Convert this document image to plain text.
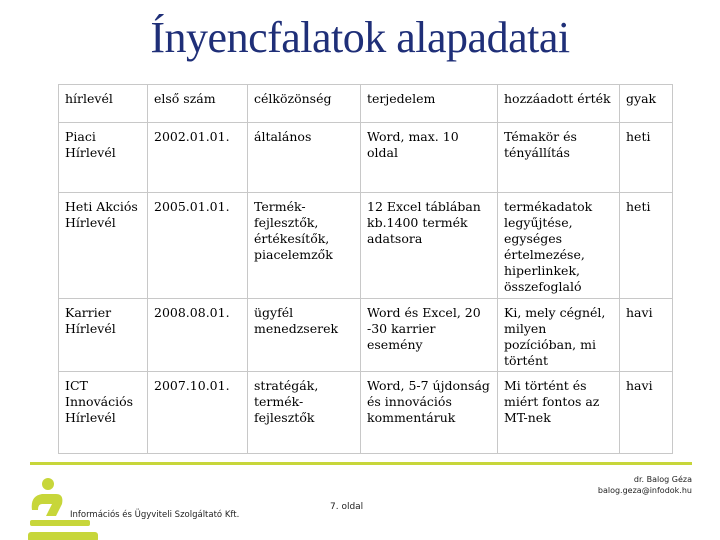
Ínyencfalatok alapadatai
hírlevél	első szám	célközönség	terjedelem	hozzáadott érték	gyak
Piaci Hírlevél	2002.01.01.	általános	Word, max. 10 oldal	Témakör és tényállítás	heti
Heti Akciós Hírlevél	2005.01.01.	Termék-fejlesztők, értékesítők, piacelemzők	12 Excel táblában kb.1400 termék adatsora	termékadatok legyűjtése, egységes értelmezése, hiperlinkek, összefoglaló	heti
Karrier Hírlevél	2008.08.01.	ügyfél menedzserek	Word és Excel, 20 -30 karrier esemény	Ki, mely cégnél, milyen pozícióban, mi történt	havi
ICT Innovációs Hírlevél	2007.10.01.	stratégák, termék-fejlesztők	Word, 5-7 újdonság és innovációs kommentáruk	Mi történt és miért fontos az MT-nek	havi
dr. Balog Géza
balog.geza@infodok.hu
Információs és Ügyviteli Szolgáltató Kft.
7. oldal
